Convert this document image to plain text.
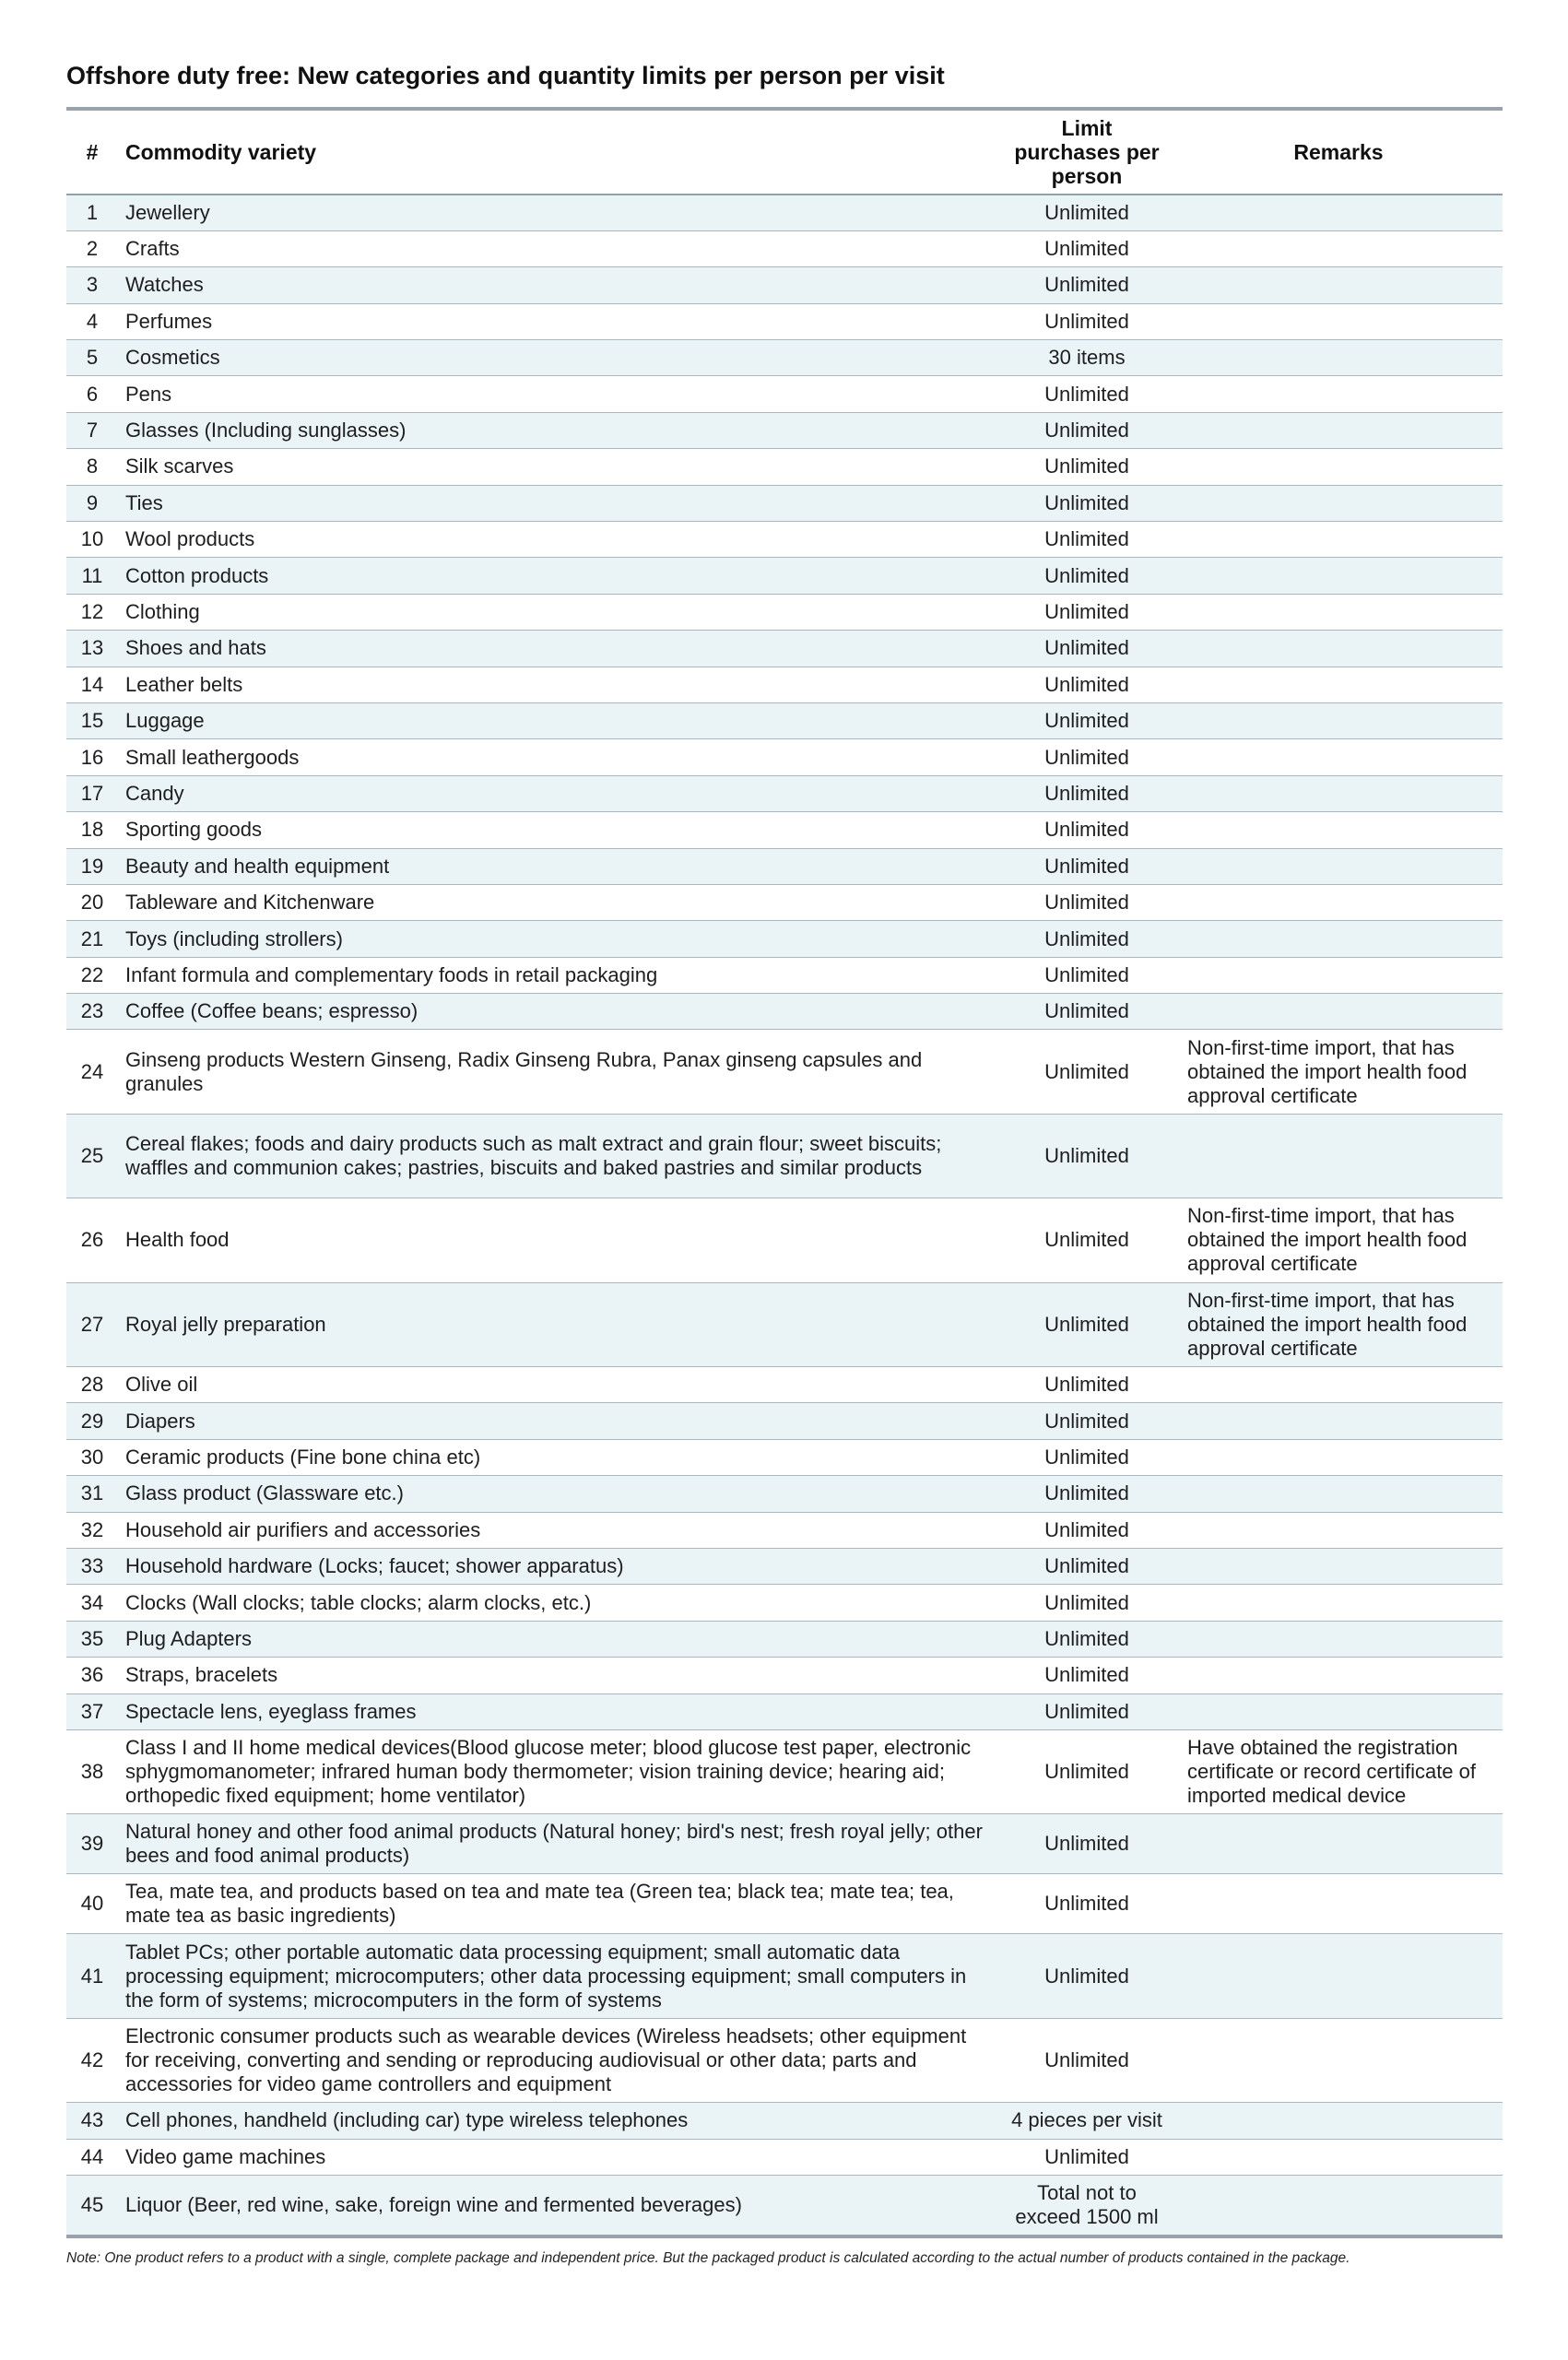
Offshore duty free: New categories and quantity limits per person per visit
#	Commodity variety	Limit purchases per person	Remarks
1	Jewellery	Unlimited	
2	Crafts	Unlimited	
3	Watches	Unlimited	
4	Perfumes	Unlimited	
5	Cosmetics	30 items	
6	Pens	Unlimited	
7	Glasses (Including sunglasses)	Unlimited	
8	Silk scarves	Unlimited	
9	Ties	Unlimited	
10	Wool products	Unlimited	
11	Cotton products	Unlimited	
12	Clothing	Unlimited	
13	Shoes and hats	Unlimited	
14	Leather belts	Unlimited	
15	Luggage	Unlimited	
16	Small leathergoods	Unlimited	
17	Candy	Unlimited	
18	Sporting goods	Unlimited	
19	Beauty and health equipment	Unlimited	
20	Tableware and Kitchenware	Unlimited	
21	Toys (including strollers)	Unlimited	
22	Infant formula and complementary foods in retail packaging	Unlimited	
23	Coffee (Coffee beans; espresso)	Unlimited	
24	Ginseng products Western Ginseng, Radix Ginseng Rubra, Panax ginseng capsules and granules	Unlimited	Non-first-time import, that has obtained the import health food approval certificate
25	Cereal flakes; foods and dairy products such as malt extract and grain flour; sweet biscuits; waffles and communion cakes; pastries, biscuits and baked pastries and similar products	Unlimited	
26	Health food	Unlimited	Non-first-time import, that has obtained the import health food approval certificate
27	Royal jelly preparation	Unlimited	Non-first-time import, that has obtained the import health food approval certificate
28	Olive oil	Unlimited	
29	Diapers	Unlimited	
30	Ceramic products (Fine bone china etc)	Unlimited	
31	Glass product (Glassware etc.)	Unlimited	
32	Household air purifiers and accessories	Unlimited	
33	Household hardware (Locks; faucet; shower apparatus)	Unlimited	
34	Clocks (Wall clocks; table clocks; alarm clocks, etc.)	Unlimited	
35	Plug Adapters	Unlimited	
36	Straps, bracelets	Unlimited	
37	Spectacle lens, eyeglass frames	Unlimited	
38	Class I and II home medical devices(Blood glucose meter; blood glucose test paper, electronic sphygmomanometer; infrared human body thermometer; vision training device; hearing aid; orthopedic fixed equipment; home ventilator)	Unlimited	Have obtained the registration certificate or record certificate of imported medical device
39	Natural honey and other food animal products (Natural honey; bird's nest; fresh royal jelly; other bees and food animal products)	Unlimited	
40	Tea, mate tea, and products based on tea and mate tea (Green tea; black tea; mate tea; tea, mate tea as basic ingredients)	Unlimited	
41	Tablet PCs; other portable automatic data processing equipment; small automatic data processing equipment; microcomputers; other data processing equipment; small computers in the form of systems; microcomputers in the form of systems	Unlimited	
42	Electronic consumer products such as wearable devices (Wireless headsets; other equipment for receiving, converting and sending or reproducing audiovisual or other data; parts and accessories for video game controllers and equipment	Unlimited	
43	Cell phones, handheld (including car) type wireless telephones	4 pieces per visit	
44	Video game machines	Unlimited	
45	Liquor (Beer, red wine, sake, foreign wine and fermented beverages)	Total not to exceed 1500 ml	
Note: One product refers to a product with a single, complete package and independent price. But the packaged product is calculated according to the actual number of products contained in the package.
